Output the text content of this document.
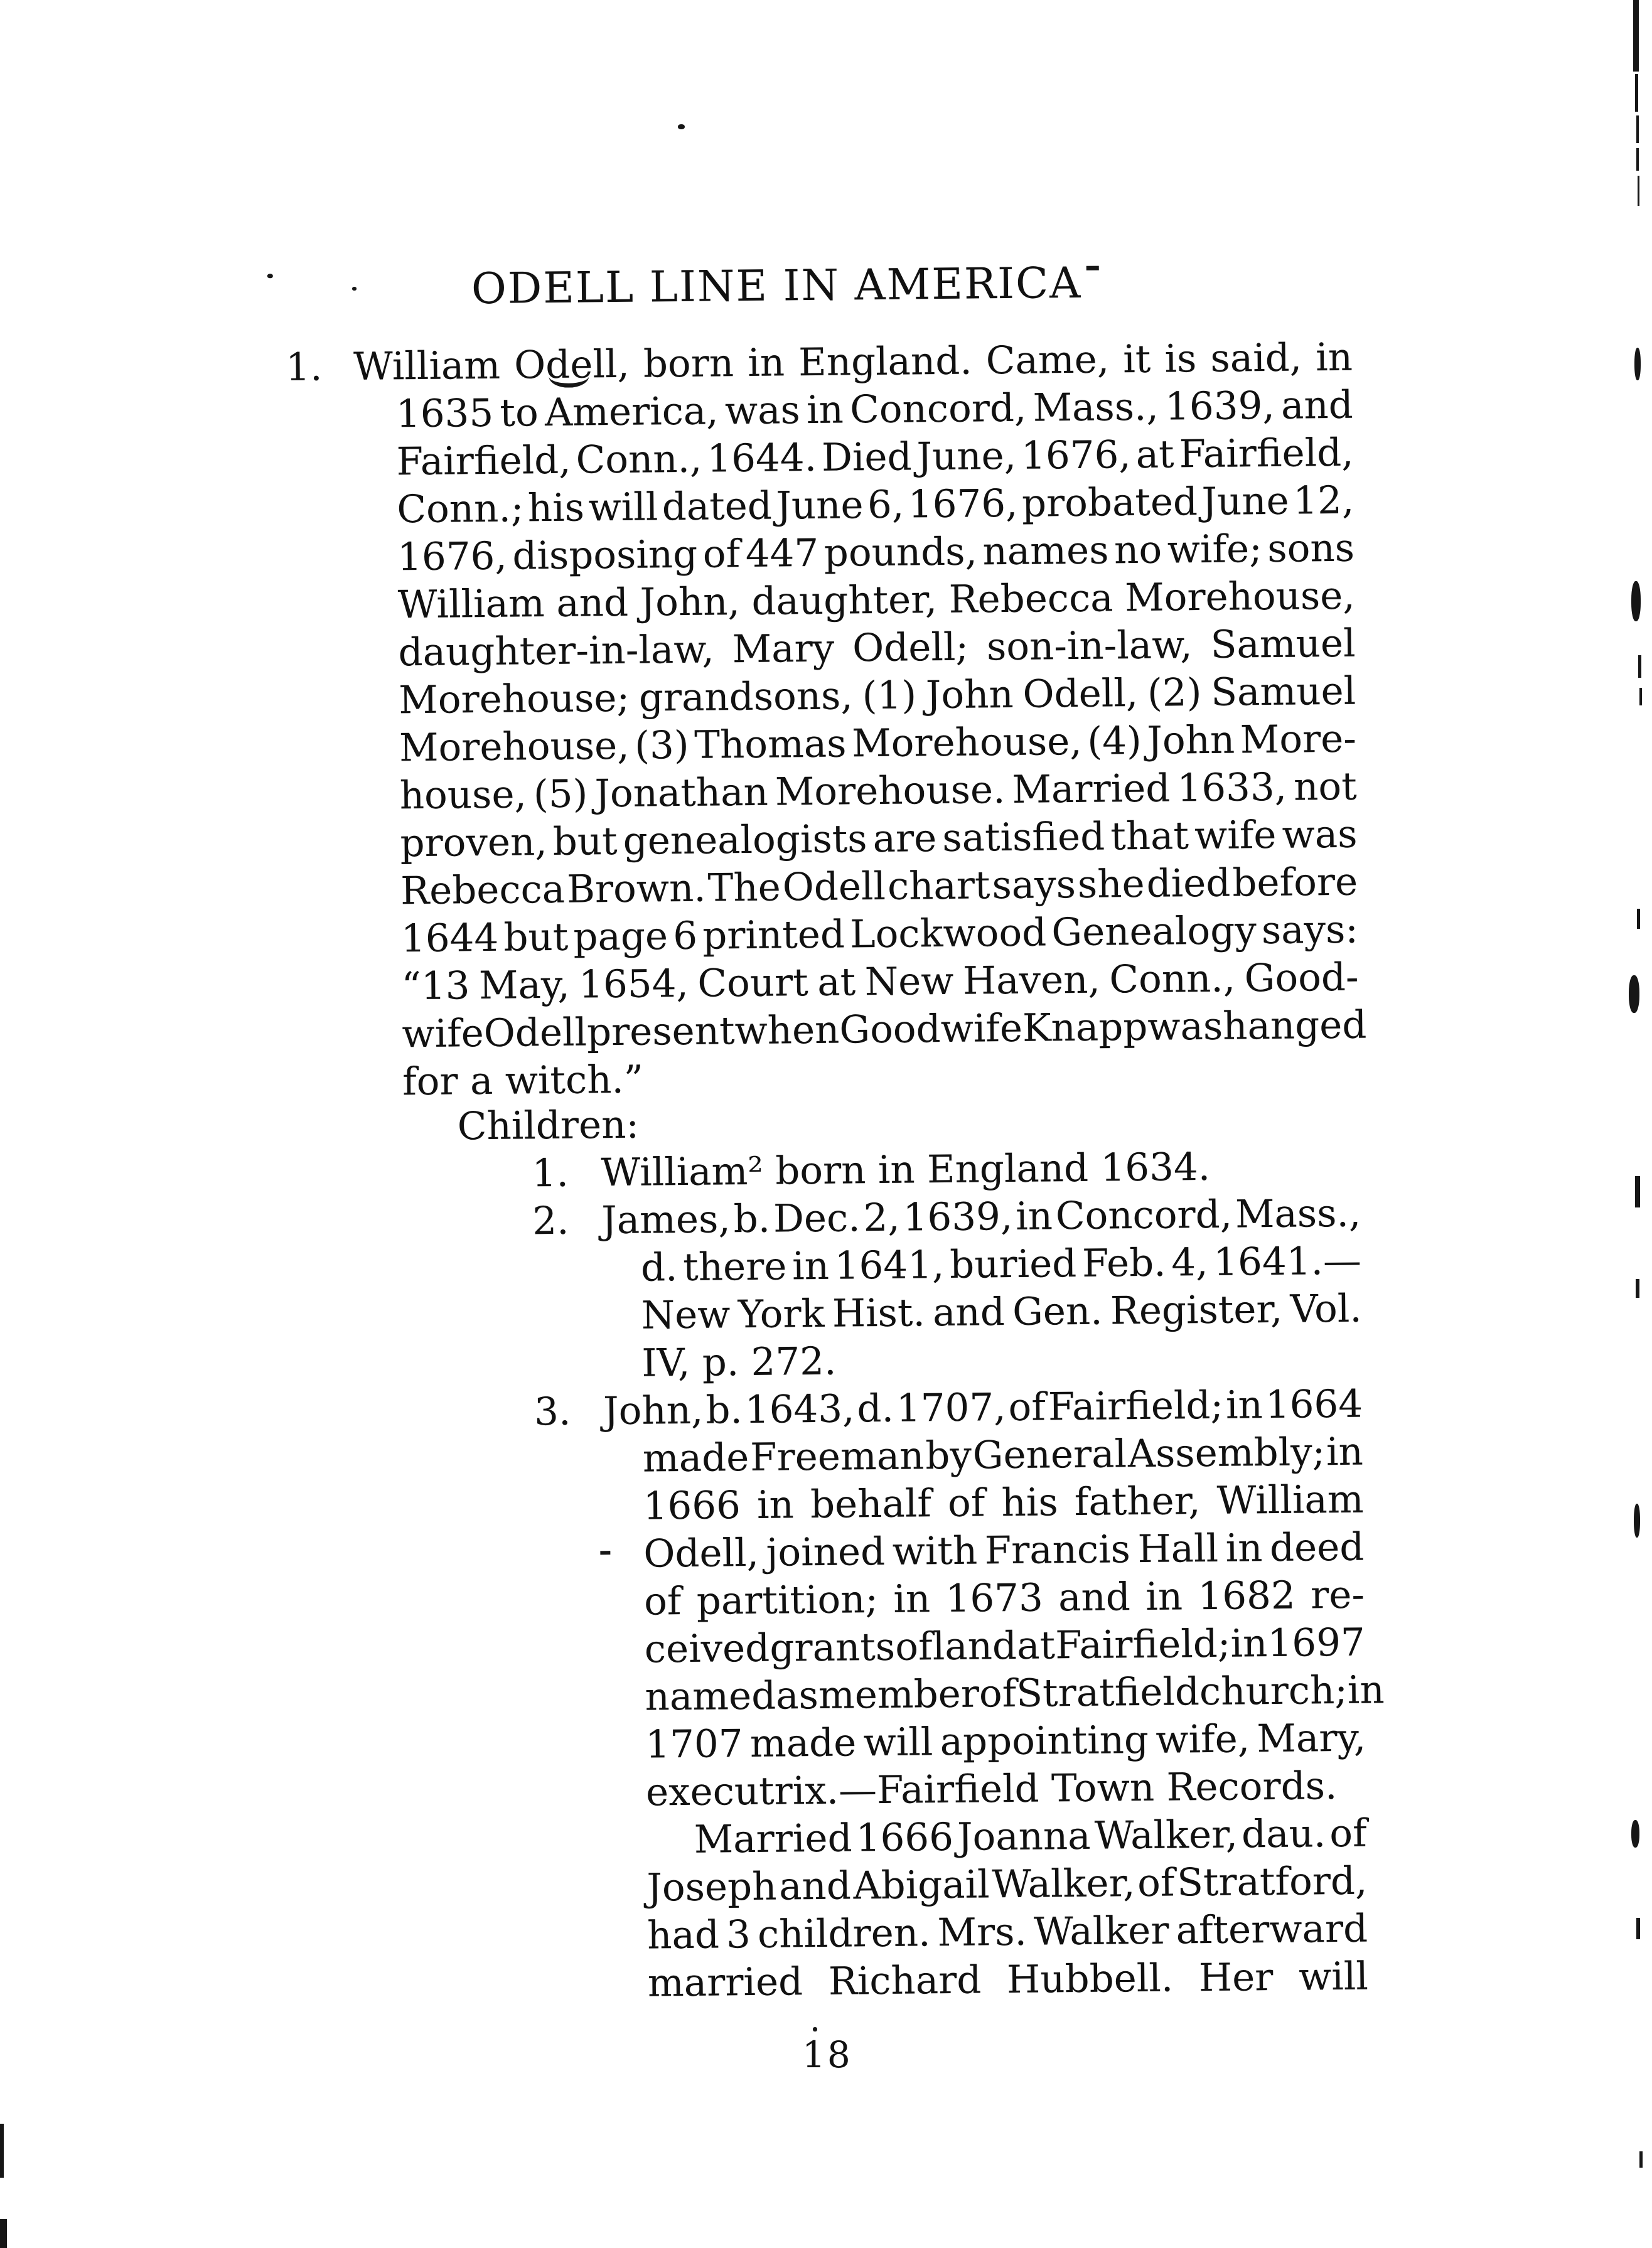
ODELL LINE IN AMERICA
1.
Children:
William Odell, born in England. Came, it is said, in
1635 to America, was in Concord, Mass., 1639, and
Fairfield, Conn., 1644. Died June, 1676, at Fairfield,
Conn.; his will dated June 6, 1676, probated June 12,
1676, disposing of 447 pounds, names no wife; sons
William and John, daughter, Rebecca Morehouse,
daughter-in-law, Mary Odell; son-in-law, Samuel
Morehouse; grandsons, (1) John Odell, (2) Samuel
Morehouse, (3) Thomas Morehouse, (4) John More-
house, (5) Jonathan Morehouse. Married 1633, not
proven, but genealogists are satisfied that wife was
Rebecca Brown. The Odell chart says she died before
1644 but page 6 printed Lockwood Genealogy says:
“13 May, 1654, Court at New Haven, Conn., Good-
wife Odell present when Goodwife Knapp was hanged
for a witch.”
William² born in England 1634.
James, b. Dec. 2, 1639, in Concord, Mass.,
d. there in 1641, buried Feb. 4, 1641.—
New York Hist. and Gen. Register, Vol.
IV, p. 272.
John, b. 1643, d. 1707, of Fairfield; in 1664
made Freeman by General Assembly; in
1666 in behalf of his father, William
Odell, joined with Francis Hall in deed
of partition; in 1673 and in 1682 re-
ceived grants of land at Fairfield; in 1697
named as member of Stratfield church; in
1707 made will appointing wife, Mary,
executrix.—Fairfield Town Records.
Married 1666 Joanna Walker, dau. of
Joseph and Abigail Walker, of Stratford,
had 3 children. Mrs. Walker afterward
married Richard Hubbell. Her will
1.
2.
3.
18
